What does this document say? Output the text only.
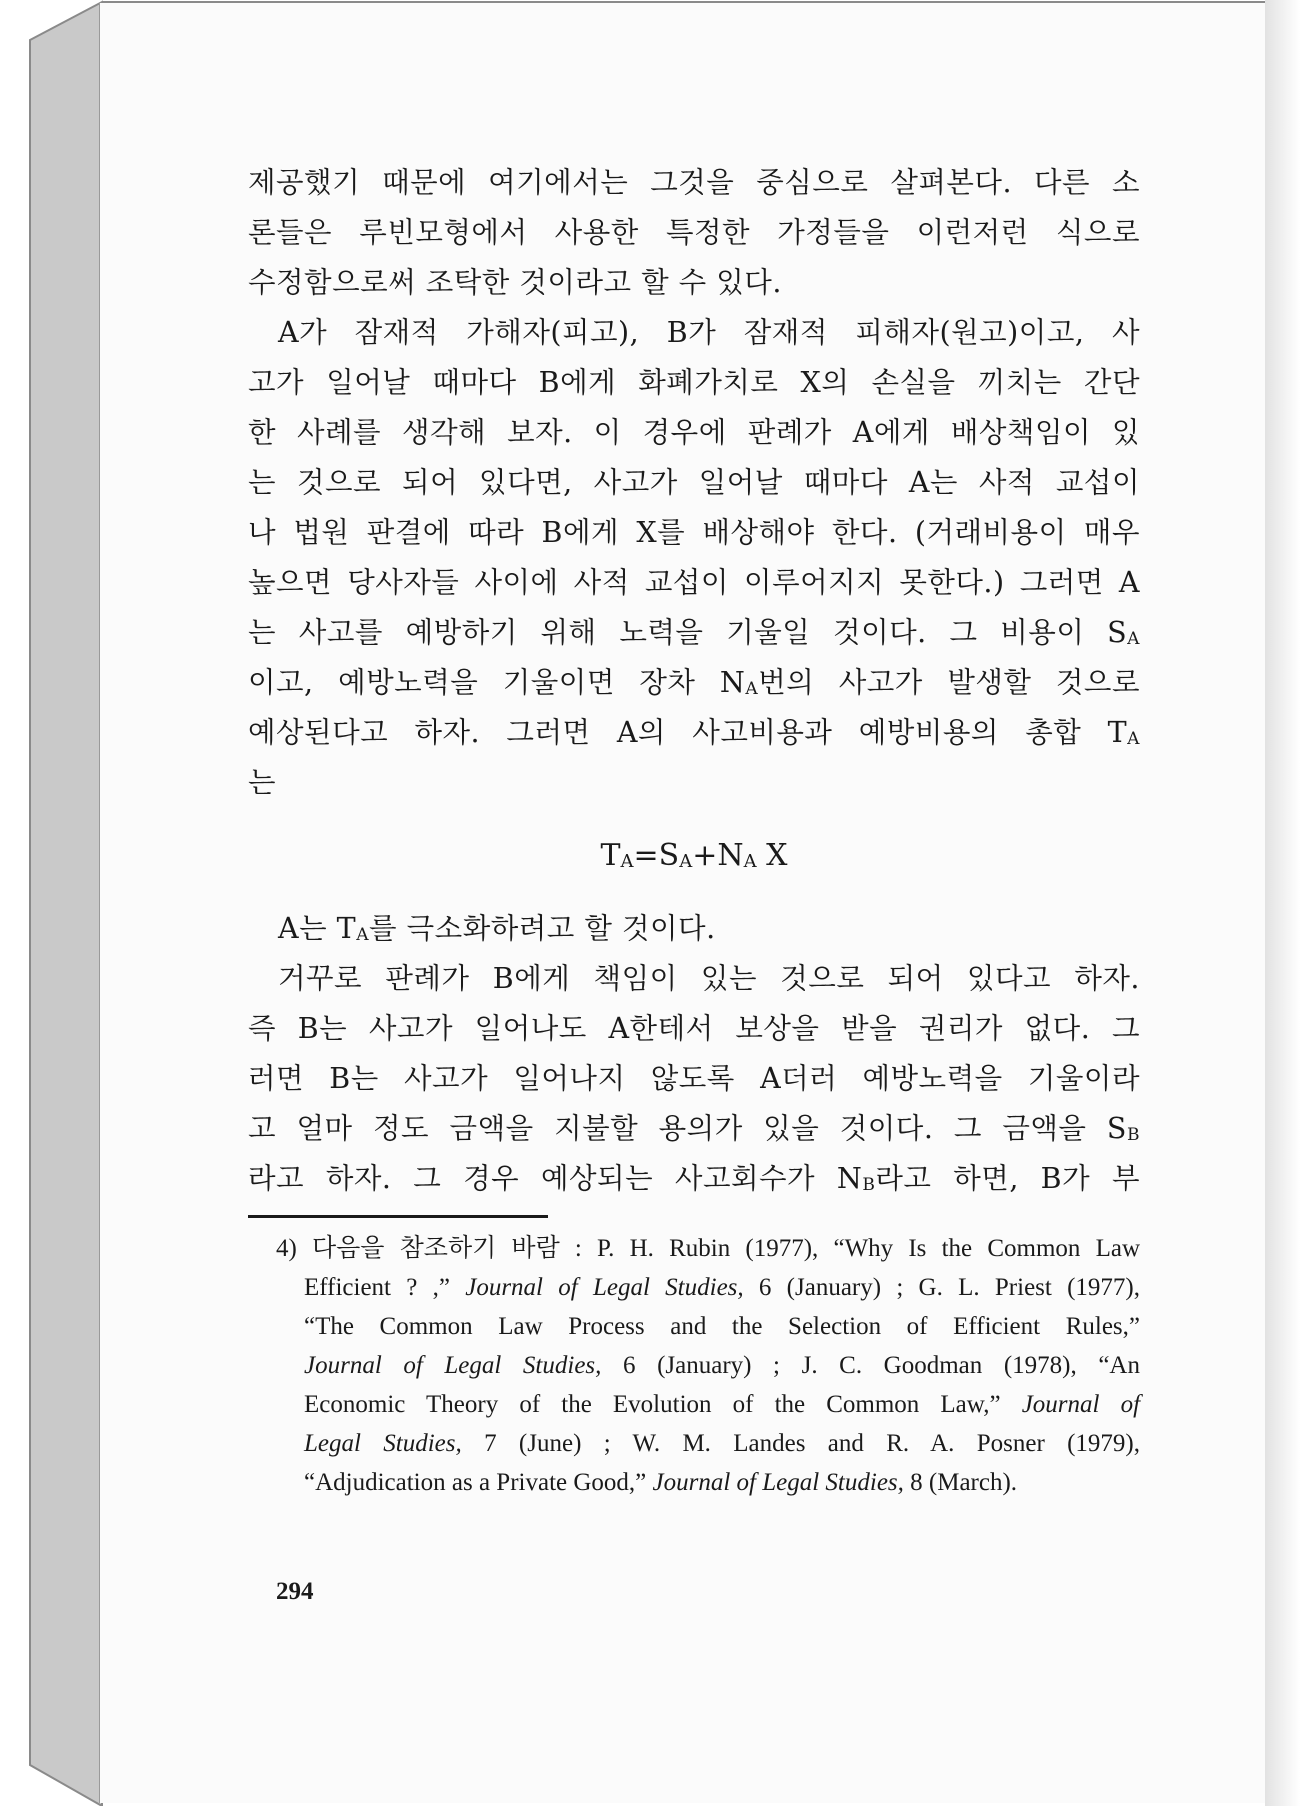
제공했기 때문에 여기에서는 그것을 중심으로 살펴본다. 다른 소
론들은 루빈모형에서 사용한 특정한 가정들을 이런저런 식으로
수정함으로써 조탁한 것이라고 할 수 있다.
A가 잠재적 가해자(피고), B가 잠재적 피해자(원고)이고, 사
고가 일어날 때마다 B에게 화폐가치로 X의 손실을 끼치는 간단
한 사례를 생각해 보자. 이 경우에 판례가 A에게 배상책임이 있
는 것으로 되어 있다면, 사고가 일어날 때마다 A는 사적 교섭이
나 법원 판결에 따라 B에게 X를 배상해야 한다. (거래비용이 매우
높으면 당사자들 사이에 사적 교섭이 이루어지지 못한다.) 그러면 A
는 사고를 예방하기 위해 노력을 기울일 것이다. 그 비용이 $S_A$
이고, 예방노력을 기울이면 장차 $N_A$번의 사고가 발생할 것으로
예상된다고 하자. 그러면 A의 사고비용과 예방비용의 총합 $T_A$
는
$T_A=S_A+N_A$ X
A는 $T_A$를 극소화하려고 할 것이다.
거꾸로 판례가 B에게 책임이 있는 것으로 되어 있다고 하자.
즉 B는 사고가 일어나도 A한테서 보상을 받을 권리가 없다. 그
러면 B는 사고가 일어나지 않도록 A더러 예방노력을 기울이라
고 얼마 정도 금액을 지불할 용의가 있을 것이다. 그 금액을 $S_B$
라고 하자. 그 경우 예상되는 사고회수가 $N_B$라고 하면, B가 부
4) 다음을 참조하기 바람 : P. H. Rubin (1977), “Why Is the Common Law
Efficient ? ,” Journal of Legal Studies, 6 (January) ; G. L. Priest (1977),
“The Common Law Process and the Selection of Efficient Rules,”
Journal of Legal Studies, 6 (January) ; J. C. Goodman (1978), “An
Economic Theory of the Evolution of the Common Law,” Journal of
Legal Studies, 7 (June) ; W. M. Landes and R. A. Posner (1979),
“Adjudication as a Private Good,” Journal of Legal Studies, 8 (March).
294
